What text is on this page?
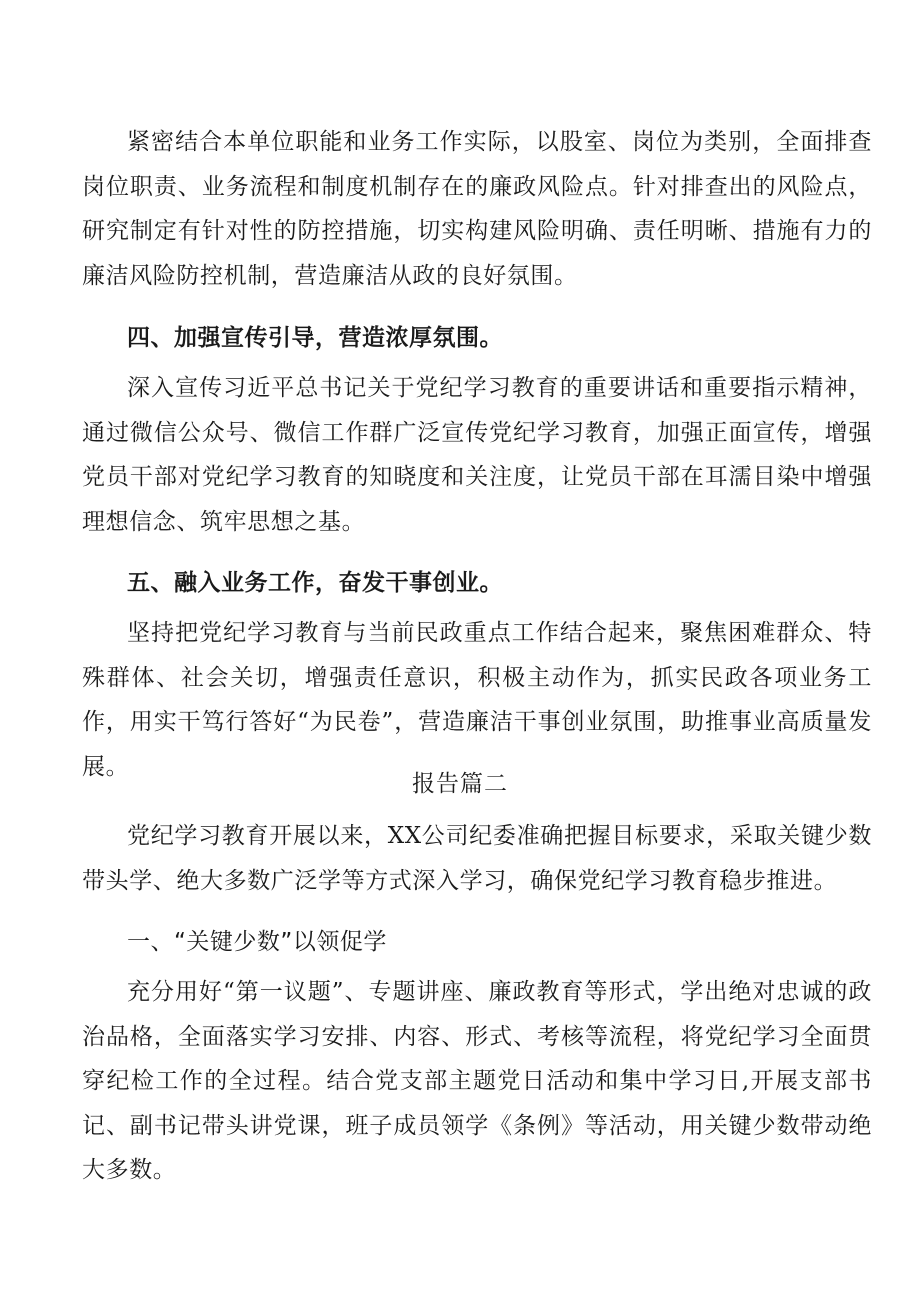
紧密结合本单位职能和业务工作实际，以股室、岗位为类别，全面排查岗位职责、业务流程和制度机制存在的廉政风险点。针对排查出的风险点，研究制定有针对性的防控措施，切实构建风险明确、责任明晰、措施有力的廉洁风险防控机制，营造廉洁从政的良好氛围。

四、加强宣传引导，营造浓厚氛围。

深入宣传习近平总书记关于党纪学习教育的重要讲话和重要指示精神，通过微信公众号、微信工作群广泛宣传党纪学习教育，加强正面宣传，增强党员干部对党纪学习教育的知晓度和关注度，让党员干部在耳濡目染中增强理想信念、筑牢思想之基。

五、融入业务工作，奋发干事创业。

坚持把党纪学习教育与当前民政重点工作结合起来，聚焦困难群众、特殊群体、社会关切，增强责任意识，积极主动作为，抓实民政各项业务工作，用实干笃行答好“为民卷”，营造廉洁干事创业氛围，助推事业高质量发展。

报告篇二

党纪学习教育开展以来，XX公司纪委准确把握目标要求，采取关键少数带头学、绝大多数广泛学等方式深入学习，确保党纪学习教育稳步推进。

一、“关键少数”以领促学

充分用好“第一议题”、专题讲座、廉政教育等形式，学出绝对忠诚的政治品格，全面落实学习安排、内容、形式、考核等流程，将党纪学习全面贯穿纪检工作的全过程。结合党支部主题党日活动和集中学习日,开展支部书记、副书记带头讲党课，班子成员领学《条例》等活动，用关键少数带动绝大多数。
